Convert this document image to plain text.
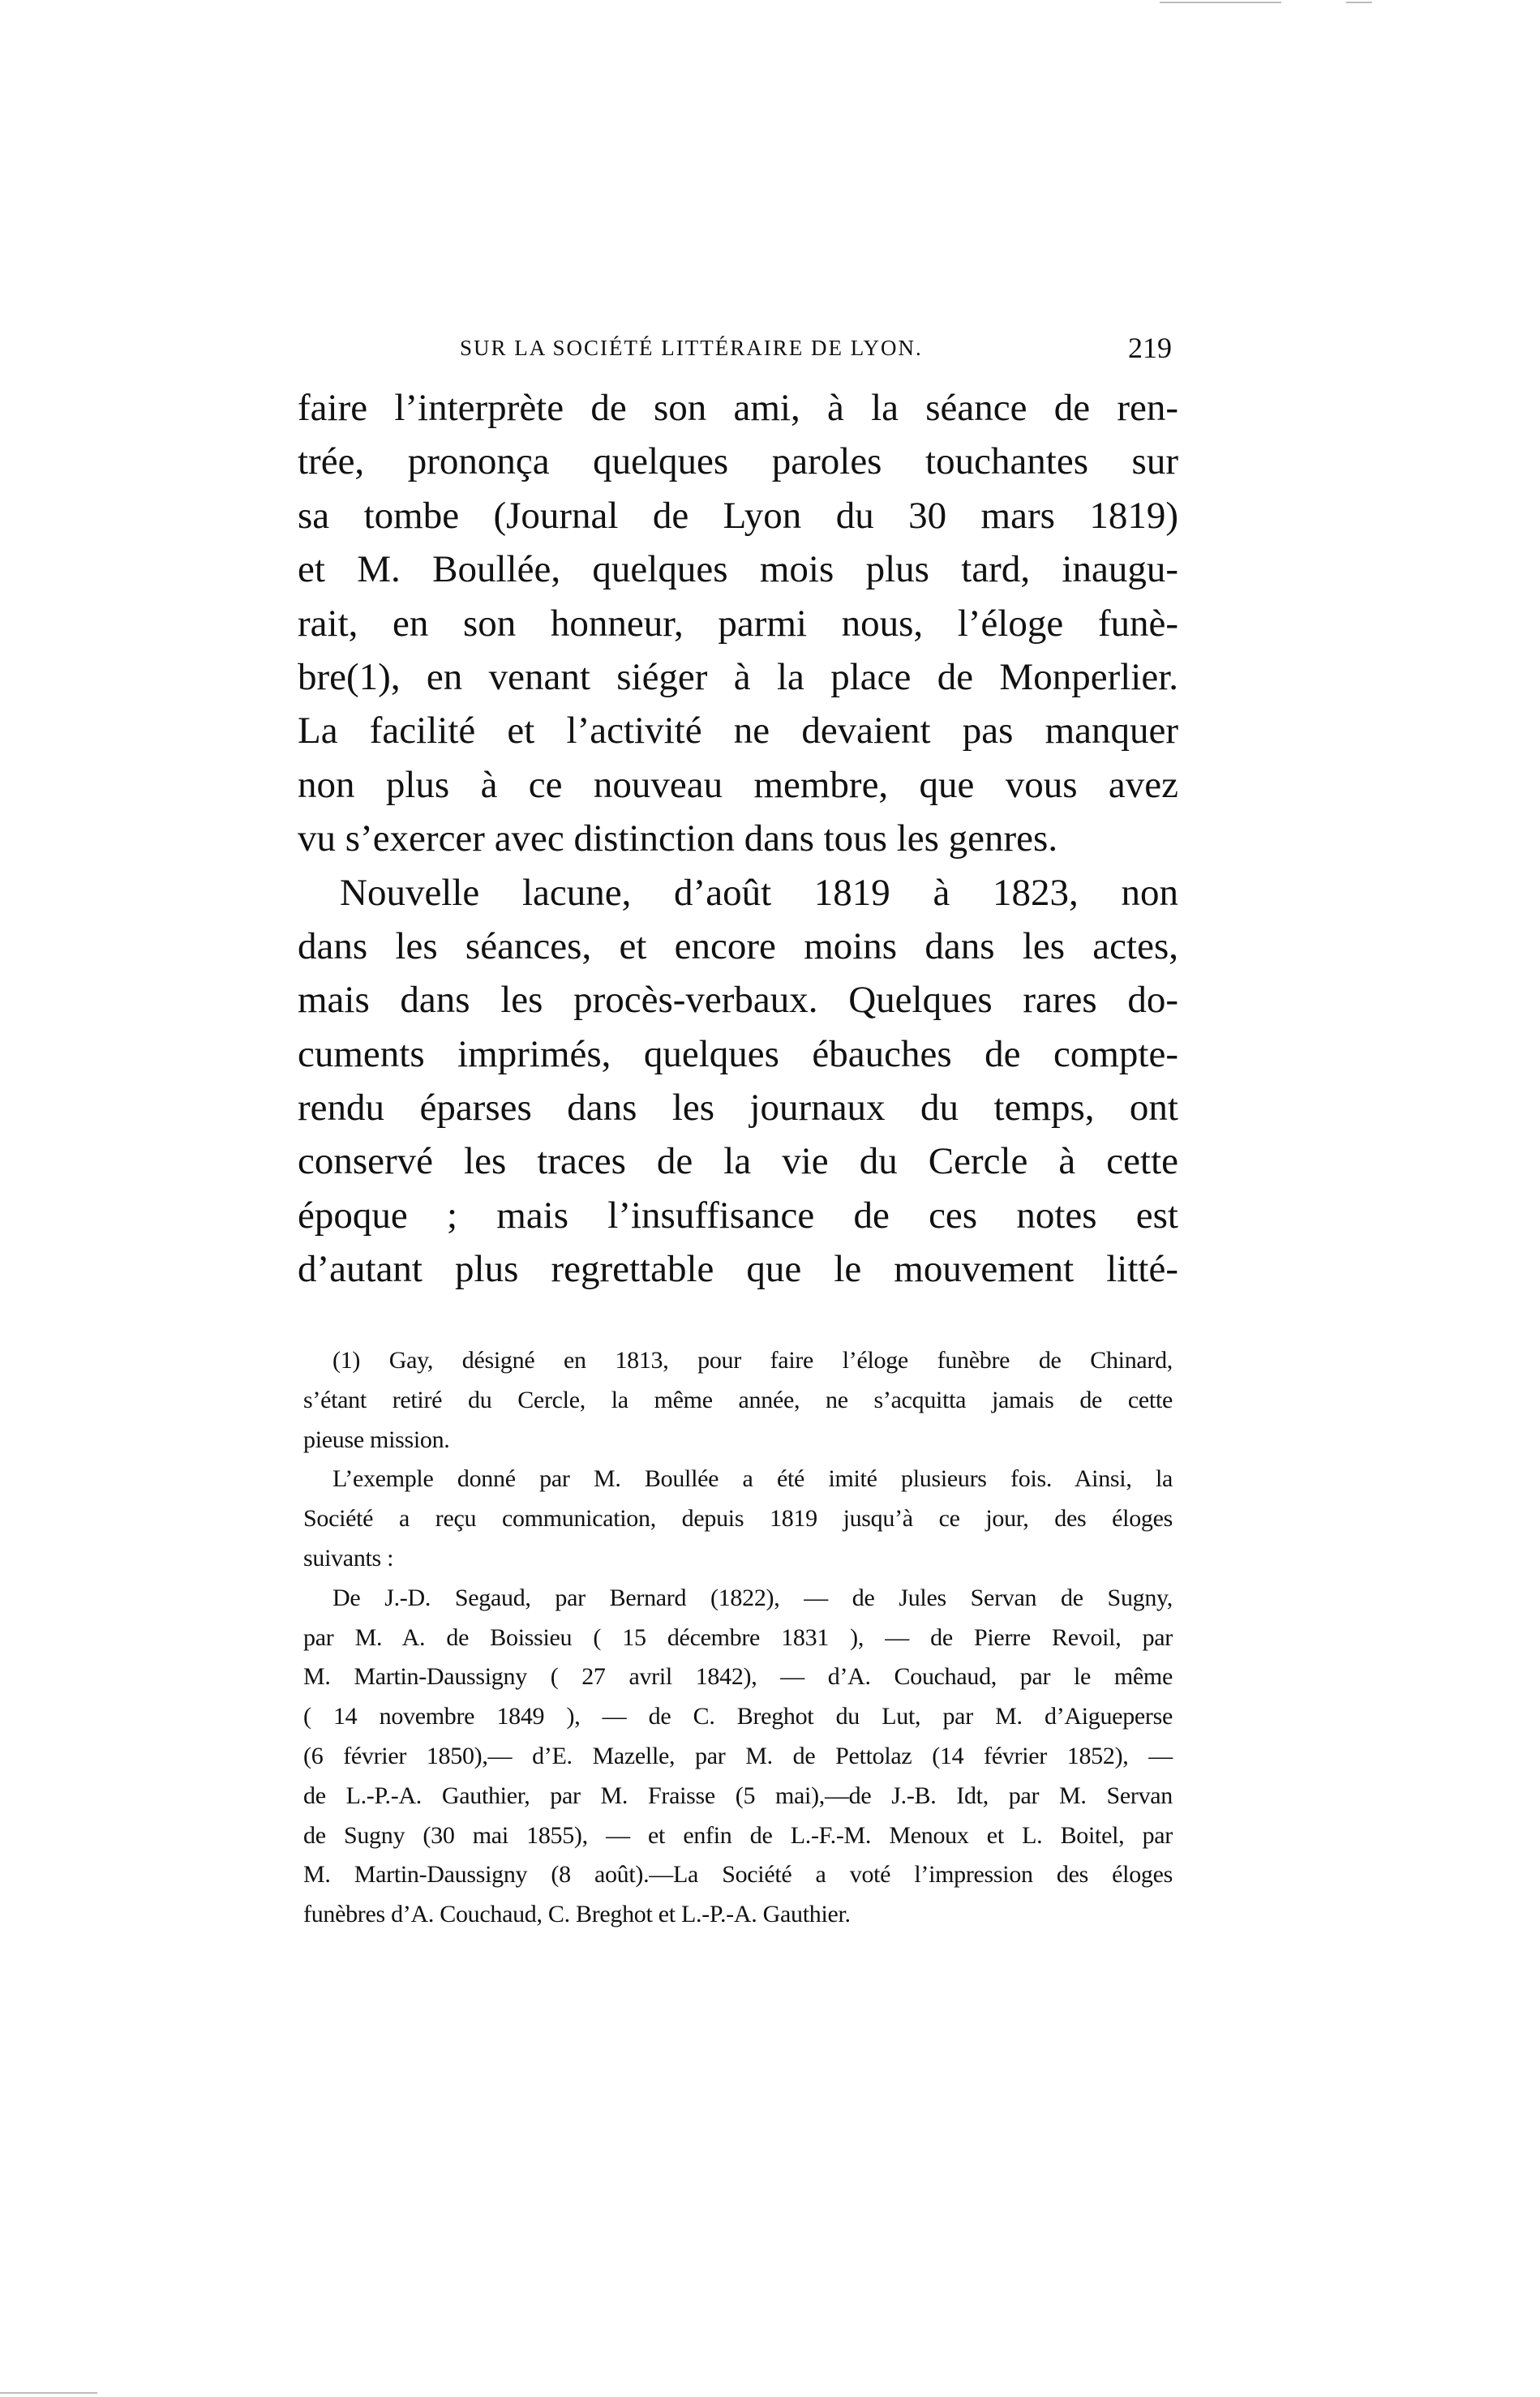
SUR LA SOCIÉTÉ LITTÉRAIRE DE LYON.	219
faire l’interprète de son ami, à la séance de ren-
trée, prononça quelques paroles touchantes sur
sa tombe (Journal de Lyon du 30 mars 1819)
et M. Boullée, quelques mois plus tard, inaugu-
rait, en son honneur, parmi nous, l’éloge funè-
bre(1), en venant siéger à la place de Monperlier.
La facilité et l’activité ne devaient pas manquer
non plus à ce nouveau membre, que vous avez
vu s’exercer avec distinction dans tous les genres.
Nouvelle lacune, d’août 1819 à 1823, non
dans les séances, et encore moins dans les actes,
mais dans les procès-verbaux. Quelques rares do-
cuments imprimés, quelques ébauches de compte-
rendu éparses dans les journaux du temps, ont
conservé les traces de la vie du Cercle à cette
époque ; mais l’insuffisance de ces notes est
d’autant plus regrettable que le mouvement litté-
(1) Gay, désigné en 1813, pour faire l’éloge funèbre de Chinard,
s’étant retiré du Cercle, la même année, ne s’acquitta jamais de cette
pieuse mission.
L’exemple donné par M. Boullée a été imité plusieurs fois. Ainsi, la
Société a reçu communication, depuis 1819 jusqu’à ce jour, des éloges
suivants :
De J.-D. Segaud, par Bernard (1822), — de Jules Servan de Sugny,
par M. A. de Boissieu ( 15 décembre 1831 ), — de Pierre Revoil, par
M. Martin-Daussigny ( 27 avril 1842), — d’A. Couchaud, par le même
( 14 novembre 1849 ), — de C. Breghot du Lut, par M. d’Aigueperse
(6 février 1850),— d’E. Mazelle, par M. de Pettolaz (14 février 1852), —
de L.-P.-A. Gauthier, par M. Fraisse (5 mai),—de J.-B. Idt, par M. Servan
de Sugny (30 mai 1855), — et enfin de L.-F.-M. Menoux et L. Boitel, par
M. Martin-Daussigny (8 août).—La Société a voté l’impression des éloges
funèbres d’A. Couchaud, C. Breghot et L.-P.-A. Gauthier.
